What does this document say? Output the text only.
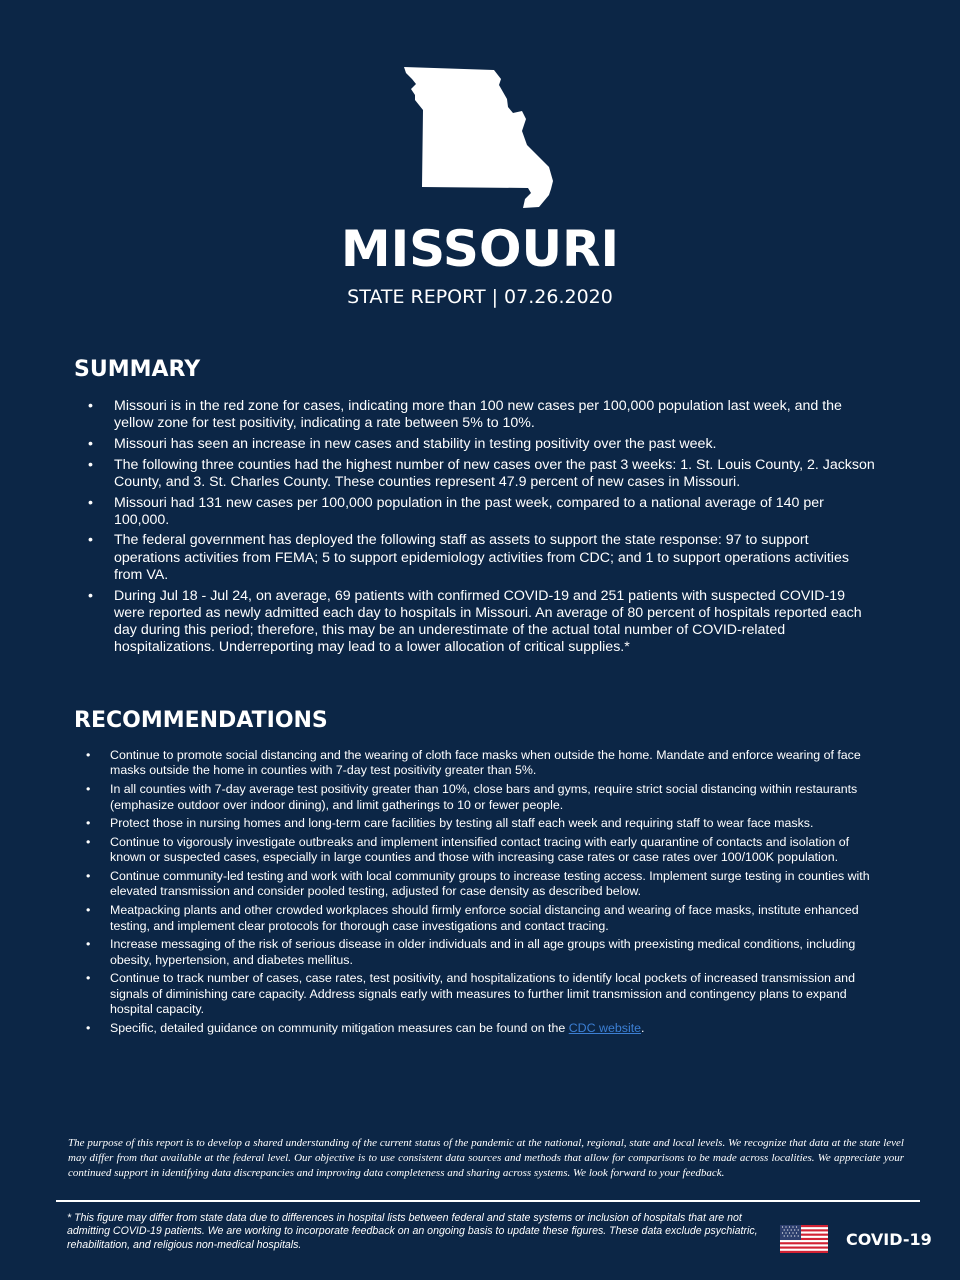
MISSOURI
STATE REPORT | 07.26.2020
SUMMARY
• Missouri is in the red zone for cases, indicating more than 100 new cases per 100,000 population last week, and the yellow zone for test positivity, indicating a rate between 5% to 10%.
• Missouri has seen an increase in new cases and stability in testing positivity over the past week.
• The following three counties had the highest number of new cases over the past 3 weeks: 1. St. Louis County, 2. Jackson County, and 3. St. Charles County. These counties represent 47.9 percent of new cases in Missouri.
• Missouri had 131 new cases per 100,000 population in the past week, compared to a national average of 140 per 100,000.
• The federal government has deployed the following staff as assets to support the state response: 97 to support operations activities from FEMA; 5 to support epidemiology activities from CDC; and 1 to support operations activities from VA.
• During Jul 18 - Jul 24, on average, 69 patients with confirmed COVID-19 and 251 patients with suspected COVID-19 were reported as newly admitted each day to hospitals in Missouri. An average of 80 percent of hospitals reported each day during this period; therefore, this may be an underestimate of the actual total number of COVID-related hospitalizations. Underreporting may lead to a lower allocation of critical supplies.*
RECOMMENDATIONS
• Continue to promote social distancing and the wearing of cloth face masks when outside the home. Mandate and enforce wearing of face masks outside the home in counties with 7-day test positivity greater than 5%.
• In all counties with 7-day average test positivity greater than 10%, close bars and gyms, require strict social distancing within restaurants (emphasize outdoor over indoor dining), and limit gatherings to 10 or fewer people.
• Protect those in nursing homes and long-term care facilities by testing all staff each week and requiring staff to wear face masks.
• Continue to vigorously investigate outbreaks and implement intensified contact tracing with early quarantine of contacts and isolation of known or suspected cases, especially in large counties and those with increasing case rates or case rates over 100/100K population.
• Continue community-led testing and work with local community groups to increase testing access. Implement surge testing in counties with elevated transmission and consider pooled testing, adjusted for case density as described below.
• Meatpacking plants and other crowded workplaces should firmly enforce social distancing and wearing of face masks, institute enhanced testing, and implement clear protocols for thorough case investigations and contact tracing.
• Increase messaging of the risk of serious disease in older individuals and in all age groups with preexisting medical conditions, including obesity, hypertension, and diabetes mellitus.
• Continue to track number of cases, case rates, test positivity, and hospitalizations to identify local pockets of increased transmission and signals of diminishing care capacity. Address signals early with measures to further limit transmission and contingency plans to expand hospital capacity.
• Specific, detailed guidance on community mitigation measures can be found on the CDC website.
The purpose of this report is to develop a shared understanding of the current status of the pandemic at the national, regional, state and local levels. We recognize that data at the state level may differ from that available at the federal level. Our objective is to use consistent data sources and methods that allow for comparisons to be made across localities. We appreciate your continued support in identifying data discrepancies and improving data completeness and sharing across systems. We look forward to your feedback.
* This figure may differ from state data due to differences in hospital lists between federal and state systems or inclusion of hospitals that are not admitting COVID-19 patients. We are working to incorporate feedback on an ongoing basis to update these figures. These data exclude psychiatric, rehabilitation, and religious non-medical hospitals.	COVID-19
